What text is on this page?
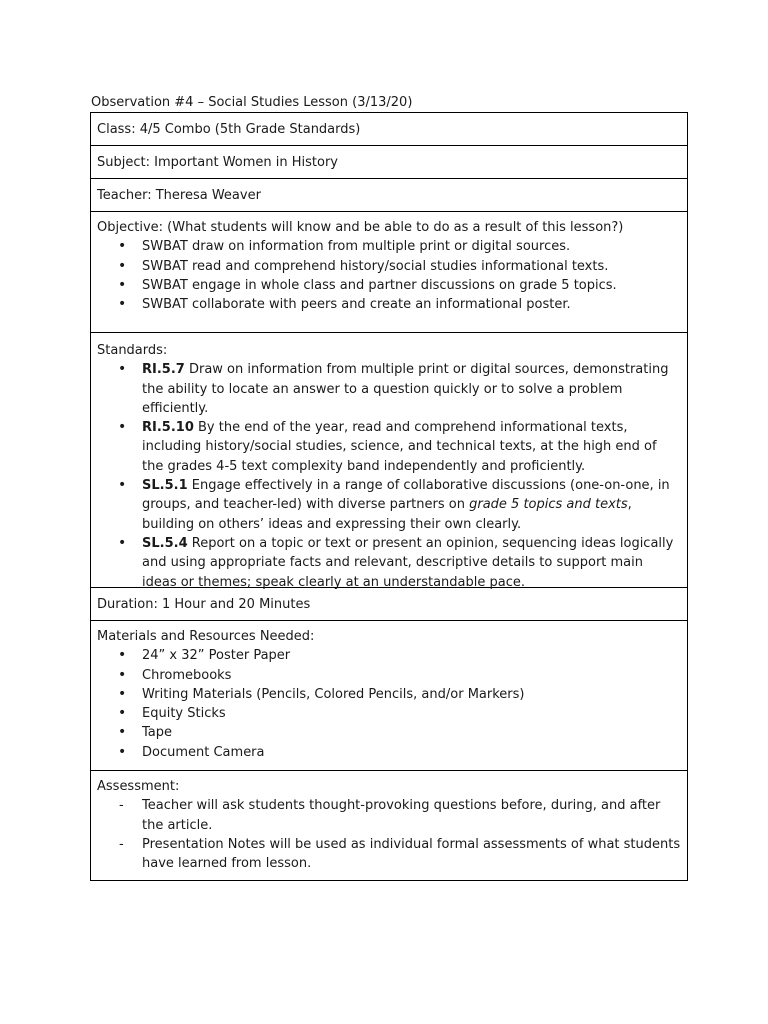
Observation #4 – Social Studies Lesson (3/13/20)
Class: 4/5 Combo (5th Grade Standards)
Subject: Important Women in History
Teacher: Theresa Weaver
Objective: (What students will know and be able to do as a result of this lesson?)
• SWBAT draw on information from multiple print or digital sources.
• SWBAT read and comprehend history/social studies informational texts.
• SWBAT engage in whole class and partner discussions on grade 5 topics.
• SWBAT collaborate with peers and create an informational poster.
Standards:
• RI.5.7 Draw on information from multiple print or digital sources, demonstrating the ability to locate an answer to a question quickly or to solve a problem efficiently.
• RI.5.10 By the end of the year, read and comprehend informational texts, including history/social studies, science, and technical texts, at the high end of the grades 4-5 text complexity band independently and proficiently.
• SL.5.1 Engage effectively in a range of collaborative discussions (one-on-one, in groups, and teacher-led) with diverse partners on grade 5 topics and texts, building on others’ ideas and expressing their own clearly.
• SL.5.4 Report on a topic or text or present an opinion, sequencing ideas logically and using appropriate facts and relevant, descriptive details to support main ideas or themes; speak clearly at an understandable pace.
Duration: 1 Hour and 20 Minutes
Materials and Resources Needed:
• 24” x 32” Poster Paper
• Chromebooks
• Writing Materials (Pencils, Colored Pencils, and/or Markers)
• Equity Sticks
• Tape
• Document Camera
Assessment:
- Teacher will ask students thought-provoking questions before, during, and after the article.
- Presentation Notes will be used as individual formal assessments of what students have learned from lesson.
